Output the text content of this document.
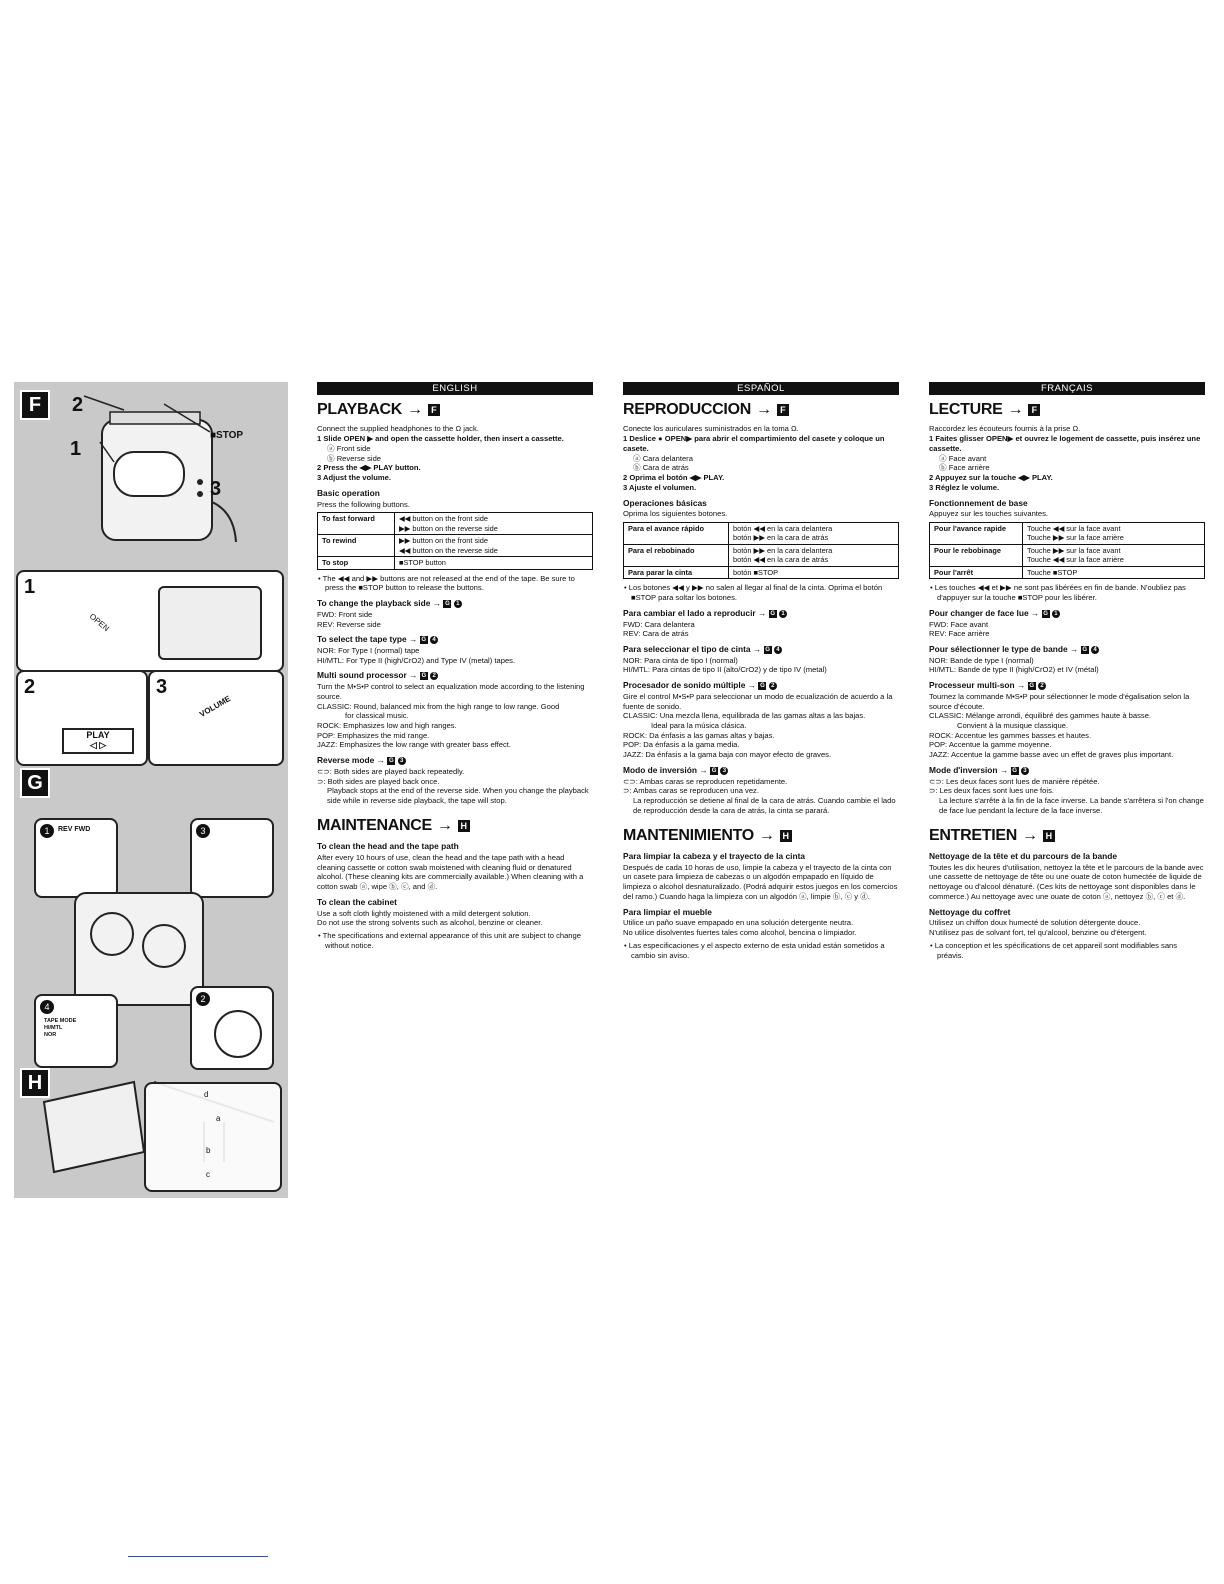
F	2
1
3
■STOP
1
OPEN
2
PLAY
◁ ▷
3
VOLUME
G
1	REV FWD	3
4
TAPE MODE
HI/MTL
NOR
2
H
d
a
b
c
ENGLISH
PLAYBACK → F

Connect the supplied headphones to the Ω jack.

1 Slide OPEN ▶ and open the cassette holder, then insert a cassette.

ⓐ Front side

ⓑ Reverse side

2 Press the ◀▶ PLAY button.

3 Adjust the volume.

Basic operation

Press the following buttons.

To fast forward	◀◀ button on the front side
▶▶ button on the reverse side
To rewind	▶▶ button on the front side
◀◀ button on the reverse side
To stop	■STOP button

• The ◀◀ and ▶▶ buttons are not released at the end of the tape. Be sure to press the ■STOP button to release the buttons.

To change the playback side → G 1

FWD: Front side

REV: Reverse side

To select the tape type → G 4

NOR: For Type I (normal) tape

HI/MTL: For Type II (high/CrO2) and Type IV (metal) tapes.

Multi sound processor → G 2

Turn the M•S•P control to select an equalization mode according to the listening source.

CLASSIC: Round, balanced mix from the high range to low range. Good

for classical music.

ROCK: Emphasizes low and high ranges.

POP: Emphasizes the mid range.

JAZZ: Emphasizes the low range with greater bass effect.

Reverse mode → G 3

⊂⊃: Both sides are played back repeatedly.

⊃: Both sides are played back once.

Playback stops at the end of the reverse side. When you change the playback side while in reverse side playback, the tape will stop.

MAINTENANCE → H
To clean the head and the tape path

After every 10 hours of use, clean the head and the tape path with a head cleaning cassette or cotton swab moistened with cleaning fluid or denatured alcohol. (These cleaning kits are commercially available.) When cleaning with a cotton swab ⓐ, wipe ⓑ, ⓒ, and ⓓ.

To clean the cabinet

Use a soft cloth lightly moistened with a mild detergent solution.

Do not use the strong solvents such as alcohol, benzine or cleaner.

• The specifications and external appearance of this unit are subject to change without notice.

ESPAÑOL
REPRODUCCION → F

Conecte los auriculares suministrados en la toma Ω.

1 Deslice ● OPEN▶ para abrir el compartimiento del casete y coloque un casete.

ⓐ Cara delantera

ⓑ Cara de atrás

2 Oprima el botón ◀▶ PLAY.

3 Ajuste el volumen.

Operaciones básicas

Oprima los siguientes botones.

Para el avance rápido	botón ◀◀ en la cara delantera
botón ▶▶ en la cara de atrás
Para el rebobinado	botón ▶▶ en la cara delantera
botón ◀◀ en la cara de atrás
Para parar la cinta	botón ■STOP

• Los botones ◀◀ y ▶▶ no salen al llegar al final de la cinta. Oprima el botón ■STOP para soltar los botones.

Para cambiar el lado a reproducir → G 1

FWD: Cara delantera

REV: Cara de atrás

Para seleccionar el tipo de cinta → G 4

NOR: Para cinta de tipo I (normal)

HI/MTL: Para cintas de tipo II (alto/CrO2) y de tipo IV (metal)

Procesador de sonido múltiple → G 2

Gire el control M•S•P para seleccionar un modo de ecualización de acuerdo a la fuente de sonido.

CLASSIC: Una mezcla llena, equilibrada de las gamas altas a las bajas.

Ideal para la música clásica.

ROCK: Da énfasis a las gamas altas y bajas.

POP: Da énfasis a la gama media.

JAZZ: Da énfasis a la gama baja con mayor efecto de graves.

Modo de inversión → G 3

⊂⊃: Ambas caras se reproducen repetidamente.

⊃: Ambas caras se reproducen una vez.

La reproducción se detiene al final de la cara de atrás. Cuando cambie el lado de reproducción desde la cara de atrás, la cinta se parará.

MANTENIMIENTO → H
Para limpiar la cabeza y el trayecto de la cinta

Después de cada 10 horas de uso, limpie la cabeza y el trayecto de la cinta con un casete para limpieza de cabezas o un algodón empapado en líquido de limpieza o alcohol desnaturalizado. (Podrá adquirir estos juegos en los comercios del ramo.) Cuando haga la limpieza con un algodón ⓐ, limpie ⓑ, ⓒ y ⓓ.

Para limpiar el mueble

Utilice un paño suave empapado en una solución detergente neutra.

No utilice disolventes fuertes tales como alcohol, bencina o limpiador.

• Las especificaciones y el aspecto externo de esta unidad están sometidos a cambio sin aviso.

FRANÇAIS
LECTURE → F

Raccordez les écouteurs fournis à la prise Ω.

1 Faites glisser OPEN▶ et ouvrez le logement de cassette, puis insérez une cassette.

ⓐ Face avant

ⓑ Face arrière

2 Appuyez sur la touche ◀▶ PLAY.

3 Réglez le volume.

Fonctionnement de base

Appuyez sur les touches suivantes.

Pour l'avance rapide	Touche ◀◀ sur la face avant
Touche ▶▶ sur la face arrière
Pour le rebobinage	Touche ▶▶ sur la face avant
Touche ◀◀ sur la face arrière
Pour l'arrêt	Touche ■STOP

• Les touches ◀◀ et ▶▶ ne sont pas libérées en fin de bande. N'oubliez pas d'appuyer sur la touche ■STOP pour les libérer.

Pour changer de face lue → G 1

FWD: Face avant

REV: Face arrière

Pour sélectionner le type de bande → G 4

NOR: Bande de type I (normal)

HI/MTL: Bande de type II (high/CrO2) et IV (métal)

Processeur multi-son → G 2

Tournez la commande M•S•P pour sélectionner le mode d'égalisation selon la source d'écoute.

CLASSIC: Mélange arrondi, équilibré des gammes haute à basse.

Convient à la musique classique.

ROCK: Accentue les gammes basses et hautes.

POP: Accentue la gamme moyenne.

JAZZ: Accentue la gamme basse avec un effet de graves plus important.

Mode d'inversion → G 3

⊂⊃: Les deux faces sont lues de manière répétée.

⊃: Les deux faces sont lues une fois.

La lecture s'arrête à la fin de la face inverse. La bande s'arrêtera si l'on change de face lue pendant la lecture de la face inverse.

ENTRETIEN → H
Nettoyage de la tête et du parcours de la bande

Toutes les dix heures d'utilisation, nettoyez la tête et le parcours de la bande avec une cassette de nettoyage de tête ou une ouate de coton humectée de liquide de nettoyage ou d'alcool dénaturé. (Ces kits de nettoyage sont disponibles dans le commerce.) Au nettoyage avec une ouate de coton ⓐ, nettoyez ⓑ, ⓒ et ⓓ.

Nettoyage du coffret

Utilisez un chiffon doux humecté de solution détergente douce.

N'utilisez pas de solvant fort, tel qu'alcool, benzine ou d'étergent.

• La conception et les spécifications de cet appareil sont modifiables sans préavis.
